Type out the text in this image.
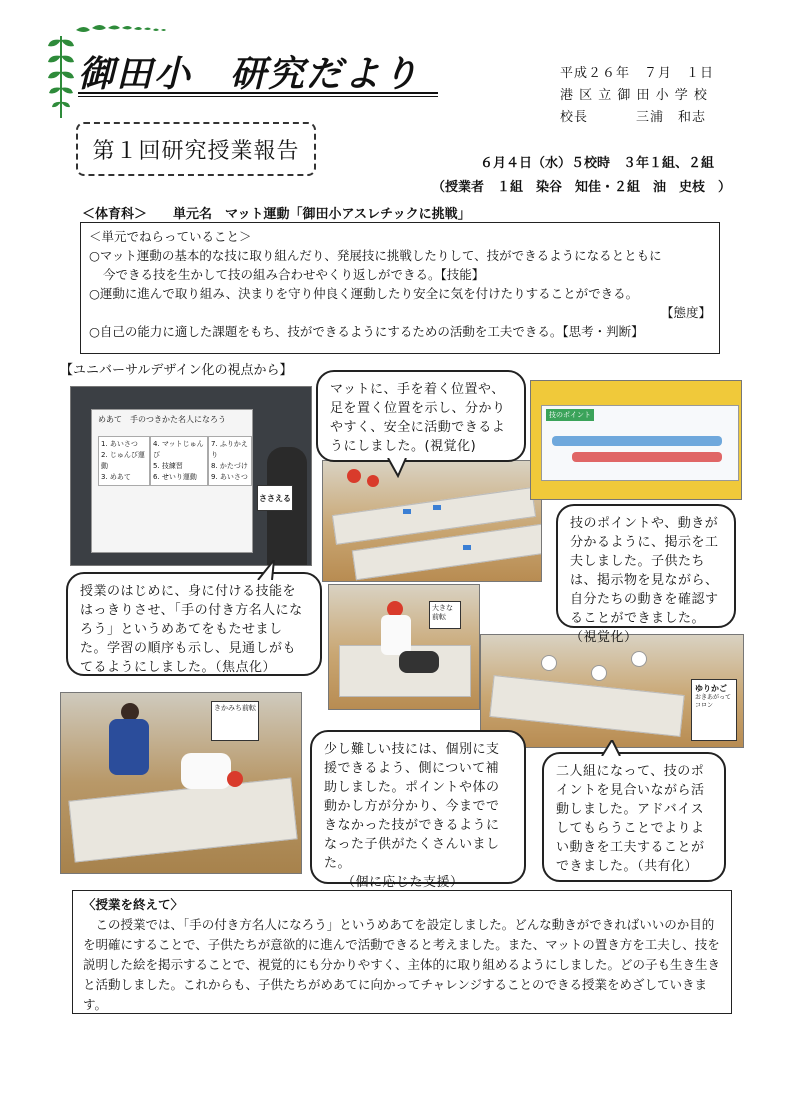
御田小　研究だより	平成２６年　７月　１日
港 区 立 御 田 小 学 校
校長	三浦　和志
第１回研究授業報告	６月４日（水）５校時　３年１組、２組
（授業者　１組　染谷　知佳・２組　油　史枝　）
＜体育科＞　　単元名　マット運動「御田小アスレチックに挑戦」

＜単元でねらっていること＞

○マット運動の基本的な技に取り組んだり、発展技に挑戦したりして、技ができるようになるとともに

今できる技を生かして技の組み合わせやくり返しができる。【技能】

○運動に進んで取り組み、決まりを守り仲良く運動したり安全に気を付けたりすることができる。

【態度】

○自己の能力に適した課題をもち、技ができるようにするための活動を工夫できる。【思考・判断】

【ユニバーサルデザイン化の視点から】
めあて　手のつきかた名人になろう
1. あいさつ
2. じゅんび運動
3. めあて
4. マットじゅんび
5. 技練習
6. せいり運動
7. ふりかえり
8. かたづけ
9. あいさつ
ささえる
技のポイント
大きな前転
ゆりかご
おきあがって　コロン
きかみち前転
マットに、手を着く位置や、足を置く位置を示し、分かりやすく、安全に活動できるようにしました。(視覚化)
技のポイントや、動きが分かるように、掲示を工夫しました。子供たちは、掲示物を見ながら、自分たちの動きを確認することができました。（視覚化）
授業のはじめに、身に付ける技能をはっきりさせ、「手の付き方名人になろう」というめあてをもたせました。学習の順序も示し、見通しがもてるようにしました。（焦点化）
少し難しい技には、個別に支援できるよう、側について補助しました。ポイントや体の動かし方が分かり、今までできなかった技ができるようになった子供がたくさんいました。
（個に応じた支援）
二人組になって、技のポイントを見合いながら活動しました。アドバイスしてもらうことでよりよい動きを工夫することができました。（共有化）

〈授業を終えて〉

この授業では、「手の付き方名人になろう」というめあてを設定しました。どんな動きができればいいのか目的を明確にすることで、子供たちが意欲的に進んで活動できると考えました。また、マットの置き方を工夫し、技を説明した絵を掲示することで、視覚的にも分かりやすく、主体的に取り組めるようにしました。どの子も生き生きと活動しました。これからも、子供たちがめあてに向かってチャレンジすることのできる授業をめざしていきます。
